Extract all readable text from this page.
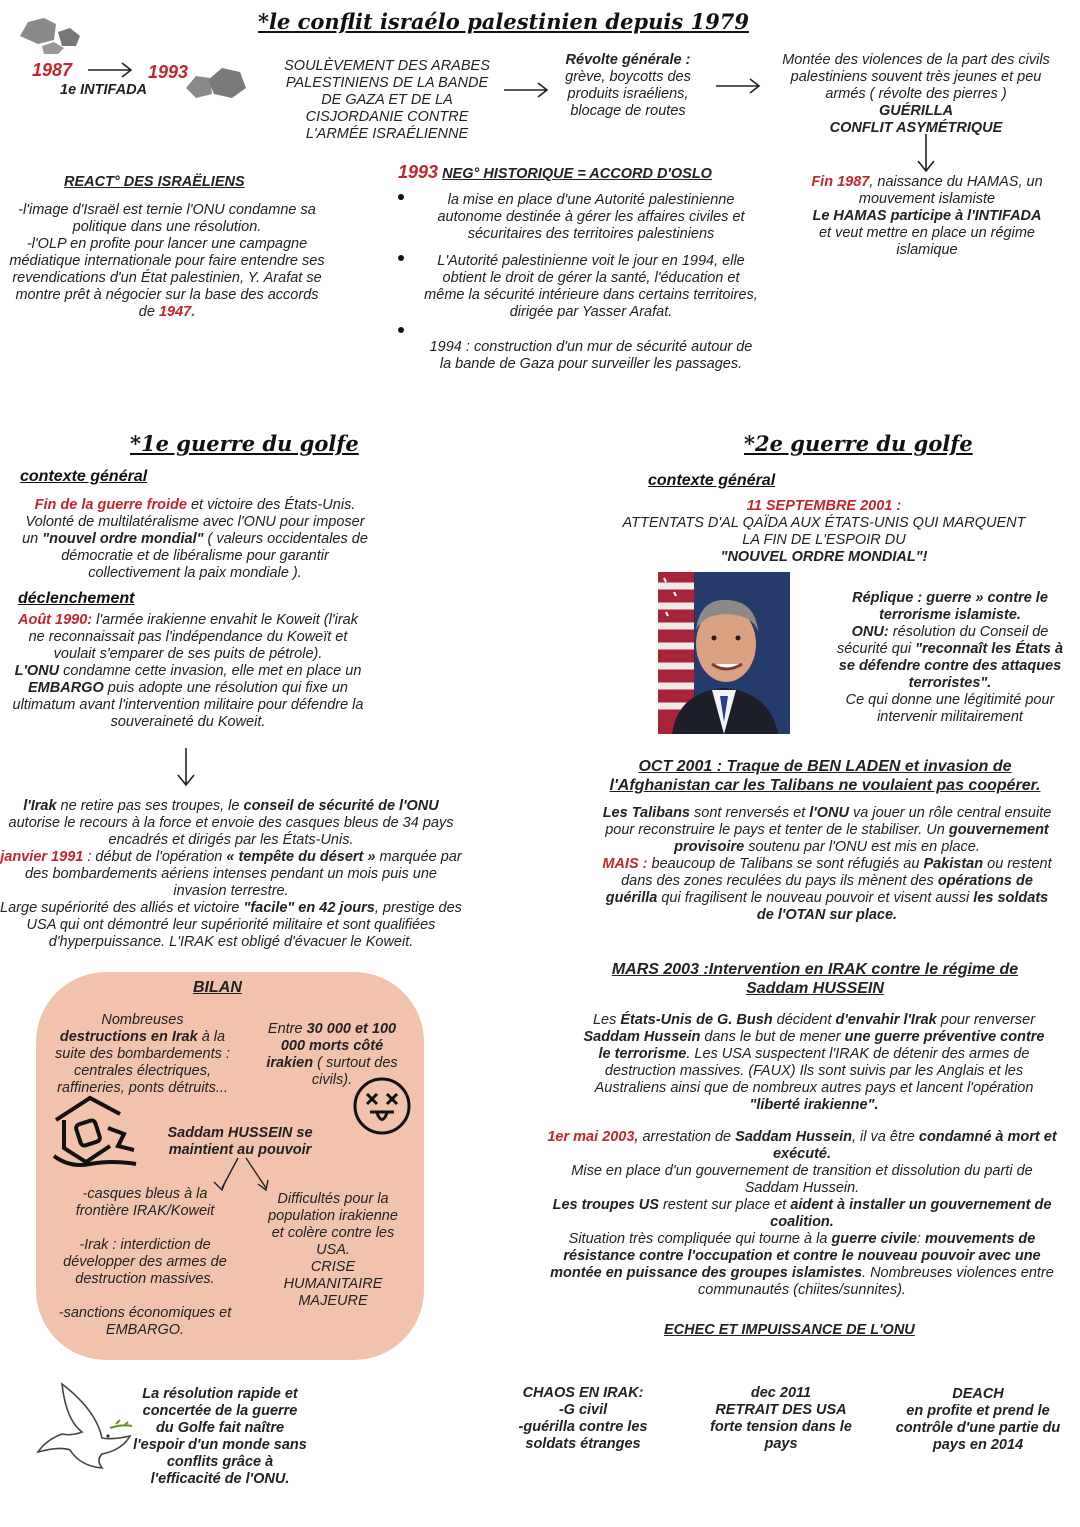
*le conflit israélo palestinien depuis 1979
1987	1993
1e INTIFADA
SOULÈVEMENT DES ARABES PALESTINIENS DE LA BANDE DE GAZA ET DE LA CISJORDANIE CONTRE L'ARMÉE ISRAÉLIENNE
Révolte générale :
grève, boycotts des produits israéliens, blocage de routes
Montée des violences de la part des civils palestiniens souvent très jeunes et peu armés ( révolte des pierres )
GUÉRILLA
CONFLIT ASYMÉTRIQUE
REACT° DES ISRAËLIENS
-l'image d'Israël est ternie l'ONU condamne sa politique dans une résolution.
-l'OLP en profite pour lancer une campagne médiatique internationale pour faire entendre ses revendications d'un État palestinien, Y. Arafat se montre prêt à négocier sur la base des accords de 1947.
1993 NEG° HISTORIQUE = ACCORD D'OSLO
la mise en place d'une Autorité palestinienne autonome destinée à gérer les affaires civiles et sécuritaires des territoires palestiniens
L'Autorité palestinienne voit le jour en 1994, elle obtient le droit de gérer la santé, l'éducation et même la sécurité intérieure dans certains territoires, dirigée par Yasser Arafat.
1994 : construction d'un mur de sécurité autour de la bande de Gaza pour surveiller les passages.
Fin 1987, naissance du HAMAS, un mouvement islamiste
Le HAMAS participe à l'INTIFADA
et veut mettre en place un régime islamique
*1e guerre du golfe
contexte général
Fin de la guerre froide et victoire des États-Unis. Volonté de multilatéralisme avec l'ONU pour imposer un "nouvel ordre mondial" ( valeurs occidentales de démocratie et de libéralisme pour garantir collectivement la paix mondiale ).
déclenchement
Août 1990: l'armée irakienne envahit le Koweit (l'irak ne reconnaissait pas l'indépendance du Koweït et voulait s'emparer de ses puits de pétrole).
L'ONU condamne cette invasion, elle met en place un EMBARGO puis adopte une résolution qui fixe un ultimatum avant l'intervention militaire pour défendre la souveraineté du Koweit.
l'Irak ne retire pas ses troupes, le conseil de sécurité de l'ONU autorise le recours à la force et envoie des casques bleus de 34 pays encadrés et dirigés par les États-Unis.
janvier 1991 : début de l'opération « tempête du désert » marquée par des bombardements aériens intenses pendant un mois puis une invasion terrestre.
Large supériorité des alliés et victoire "facile" en 42 jours, prestige des USA qui ont démontré leur supériorité militaire et sont qualifiées d'hyperpuissance. L'IRAK est obligé d'évacuer le Koweit.
BILAN
Nombreuses
destructions en Irak à la suite des bombardements : centrales électriques, raffineries, ponts détruits...
Entre 30 000 et 100 000 morts côté irakien ( surtout des civils).
Saddam HUSSEIN se maintient au pouvoir
-casques bleus à la frontière IRAK/Koweit
-Irak : interdiction de développer des armes de destruction massives.
-sanctions économiques et EMBARGO.
Difficultés pour la population irakienne et colère contre les USA.
CRISE HUMANITAIRE MAJEURE
La résolution rapide et concertée de la guerre du Golfe fait naître l'espoir d'un monde sans conflits grâce à l'efficacité de l'ONU.
*2e guerre du golfe
contexte général
11 SEPTEMBRE 2001 :
ATTENTATS D'AL QAÏDA AUX ÉTATS-UNIS QUI MARQUENT LA FIN DE L'ESPOIR DU
"NOUVEL ORDRE MONDIAL"!
Réplique : guerre » contre le terrorisme islamiste.
ONU: résolution du Conseil de sécurité qui "reconnaît les États à se défendre contre des attaques terroristes".
Ce qui donne une légitimité pour intervenir militairement
OCT 2001 : Traque de BEN LADEN et invasion de l'Afghanistan car les Talibans ne voulaient pas coopérer.
Les Talibans sont renversés et l'ONU va jouer un rôle central ensuite pour reconstruire le pays et tenter de le stabiliser. Un gouvernement provisoire soutenu par l'ONU est mis en place.
MAIS : beaucoup de Talibans se sont réfugiés au Pakistan ou restent dans des zones reculées du pays ils mènent des opérations de guérilla qui fragilisent le nouveau pouvoir et visent aussi les soldats de l'OTAN sur place.
MARS 2003 :Intervention en IRAK contre le régime de Saddam HUSSEIN
Les États-Unis de G. Bush décident d'envahir l'Irak pour renverser Saddam Hussein dans le but de mener une guerre préventive contre le terrorisme. Les USA suspectent l'IRAK de détenir des armes de destruction massives. (FAUX) Ils sont suivis par les Anglais et les Australiens ainsi que de nombreux autres pays et lancent l'opération "liberté irakienne".
1er mai 2003, arrestation de Saddam Hussein, il va être condamné à mort et exécuté.
Mise en place d'un gouvernement de transition et dissolution du parti de Saddam Hussein.
Les troupes US restent sur place et aident à installer un gouvernement de coalition.
Situation très compliquée qui tourne à la guerre civile: mouvements de résistance contre l'occupation et contre le nouveau pouvoir avec une montée en puissance des groupes islamistes. Nombreuses violences entre communautés (chiites/sunnites).
ECHEC ET IMPUISSANCE DE L'ONU
CHAOS EN IRAK:
-G civil
-guérilla contre les soldats étranges
dec 2011
RETRAIT DES USA
forte tension dans le pays
DEACH
en profite et prend le contrôle d'une partie du pays en 2014
